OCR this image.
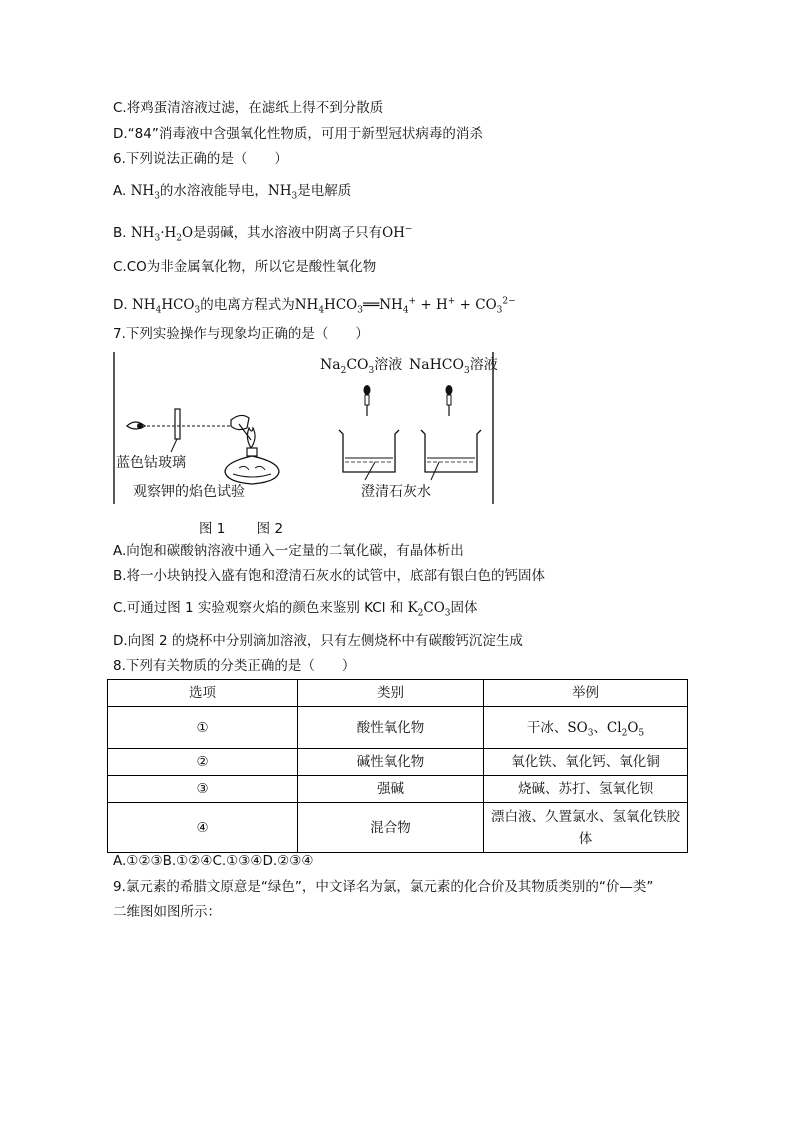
C.将鸡蛋清溶液过滤，在滤纸上得不到分散质
D.“84”消毒液中含强氧化性物质，可用于新型冠状病毒的消杀
6.下列说法正确的是（　　）
A. $NH_3$的水溶液能导电，$NH_3$是电解质
B. $NH_3\cdot H_2O$是弱碱，其水溶液中阴离子只有OH−
C.CO为非金属氧化物，所以它是酸性氧化物
D. $NH_4HCO_3$的电离方程式为$NH_4HCO_3══NH_4^+ + H^+ + CO_3^{2-}$
7.下列实验操作与现象均正确的是（　　）
$Na_2CO_3$溶液 NaHCO$_3$溶液
蓝色钴玻璃
观察钾的焰色试验	澄清石灰水
图 1　　 图 2
A.向饱和碳酸钠溶液中通入一定量的二氧化碳，有晶体析出
B.将一小块钠投入盛有饱和澄清石灰水的试管中，底部有银白色的钙固体
C.可通过图 1 实验观察火焰的颜色来鉴别 KCl 和 $K_2CO_3$固体
D.向图 2 的烧杯中分别滴加溶液，只有左侧烧杯中有碳酸钙沉淀生成
8.下列有关物质的分类正确的是（　　）
选项	类别	举例
①	酸性氧化物	干冰、$SO_3$、$Cl_2O_5$
②	碱性氧化物	氧化铁、氧化钙、氧化铜
③	强碱	烧碱、苏打、氢氧化钡
④	混合物	漂白液、久置氯水、氢氧化铁胶体
A.①②③B.①②④C.①③④D.②③④
9.氯元素的希腊文原意是“绿色”，中文译名为氯，氯元素的化合价及其物质类别的“价—类”
二维图如图所示：
